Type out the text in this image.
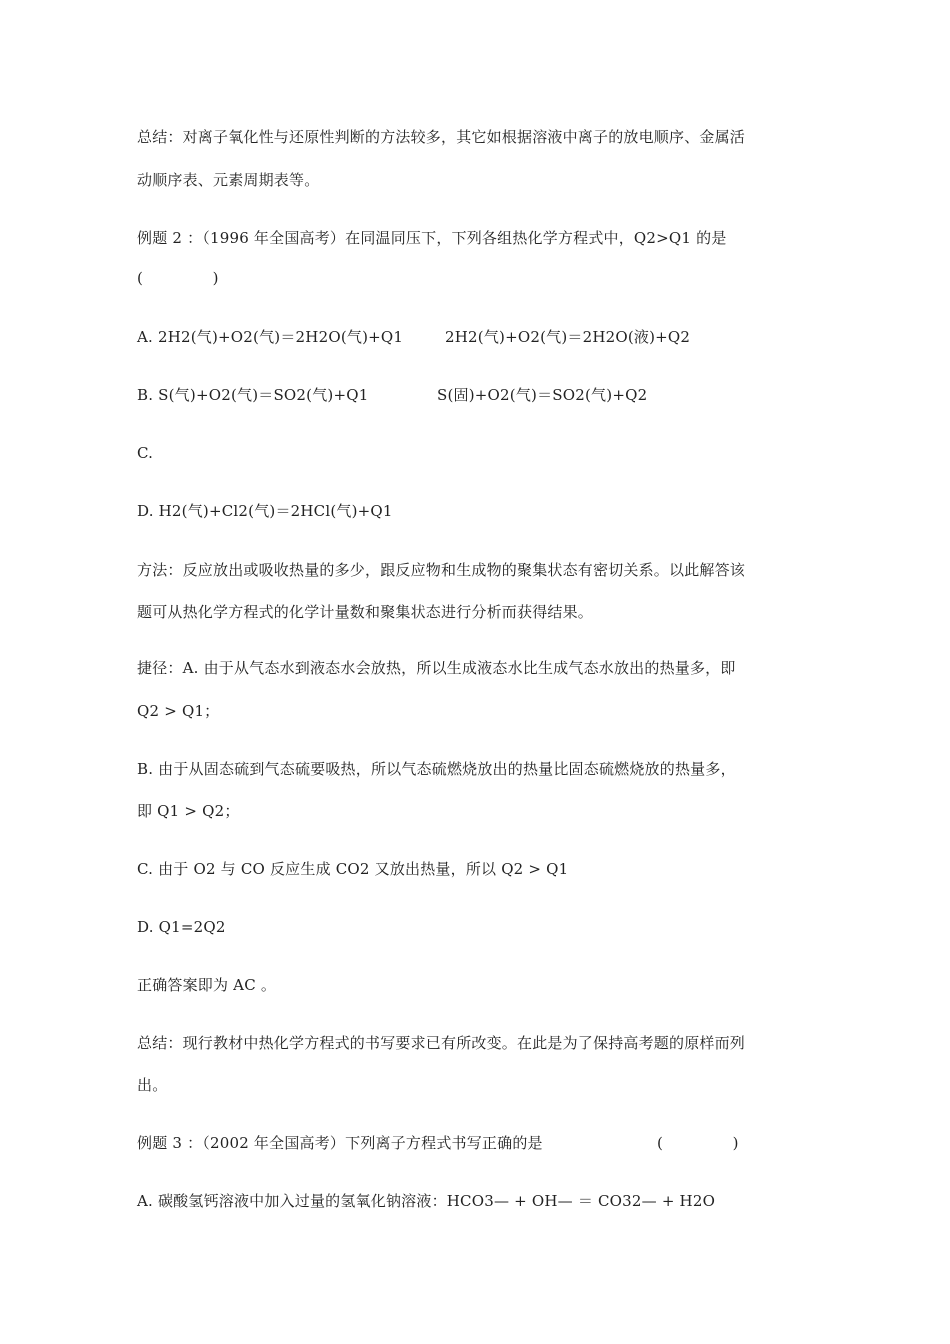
总结：对离子氧化性与还原性判断的方法较多，其它如根据溶液中离子的放电顺序、金属活
动顺序表、元素周期表等。
例题 2 ：（1996 年全国高考）在同温同压下，下列各组热化学方程式中，Q2>Q1 的是
(              )

A. 2H2(气)+O2(气)＝2H2O(气)+Q1

	2H2(气)+O2(气)＝2H2O(液)+Q2

B. S(气)+O2(气)＝SO2(气)+Q1

	S(固)+O2(气)＝SO2(气)+Q2

C.
D. H2(气)+Cl2(气)＝2HCl(气)+Q1
方法：反应放出或吸收热量的多少，跟反应物和生成物的聚集状态有密切关系。以此解答该
题可从热化学方程式的化学计量数和聚集状态进行分析而获得结果。
捷径：A. 由于从气态水到液态水会放热，所以生成液态水比生成气态水放出的热量多，即
Q2 > Q1；
B. 由于从固态硫到气态硫要吸热，所以气态硫燃烧放出的热量比固态硫燃烧放的热量多，
即 Q1 > Q2；
C. 由于 O2 与 CO 反应生成 CO2 又放出热量，所以 Q2 > Q1
D. Q1=2Q2
正确答案即为 AC 。
总结：现行教材中热化学方程式的书写要求已有所改变。在此是为了保持高考题的原样而列
出。

例题 3 ：（2002 年全国高考）下列离子方程式书写正确的是

	(              )

A. 碳酸氢钙溶液中加入过量的氢氧化钠溶液：HCO3— + OH— ＝ CO32— + H2O
